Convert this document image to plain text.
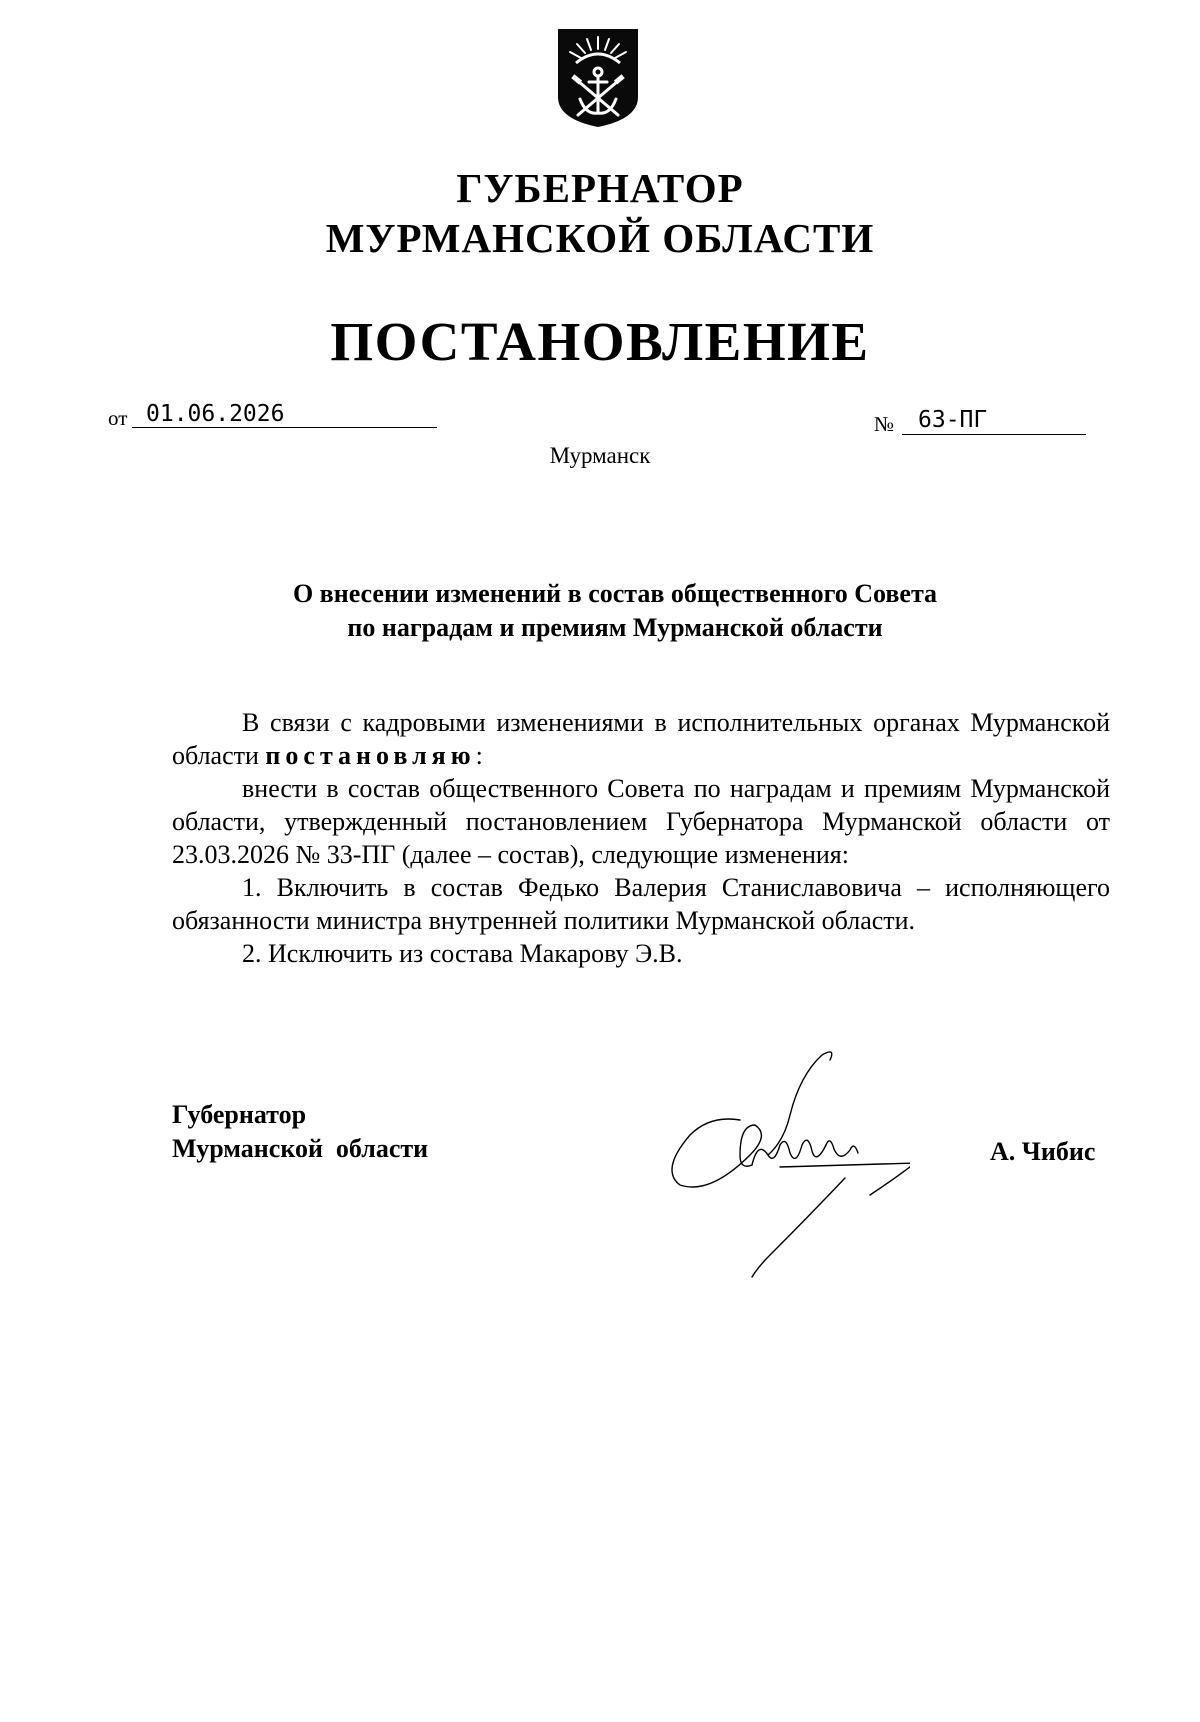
ГУБЕРНАТОР
МУРМАНСКОЙ ОБЛАСТИ
ПОСТАНОВЛЕНИЕ
от 01.06.2026	№	63-ПГ
Мурманск
О внесении изменений в состав общественного Совета
по наградам и премиям Мурманской области

В связи с кадровыми изменениями в исполнительных органах Мурманской области постановляю:

внести в состав общественного Совета по наградам и премиям Мурманской области, утвержденный постановлением Губернатора Мурманской области от 23.03.2026 № 33-ПГ (далее – состав), следующие изменения:

1. Включить в состав Федько Валерия Станиславовича – исполняющего обязанности министра внутренней политики Мурманской области.

2. Исключить из состава Макарову Э.В.

Губернатор
Мурманской  области	А. Чибис
